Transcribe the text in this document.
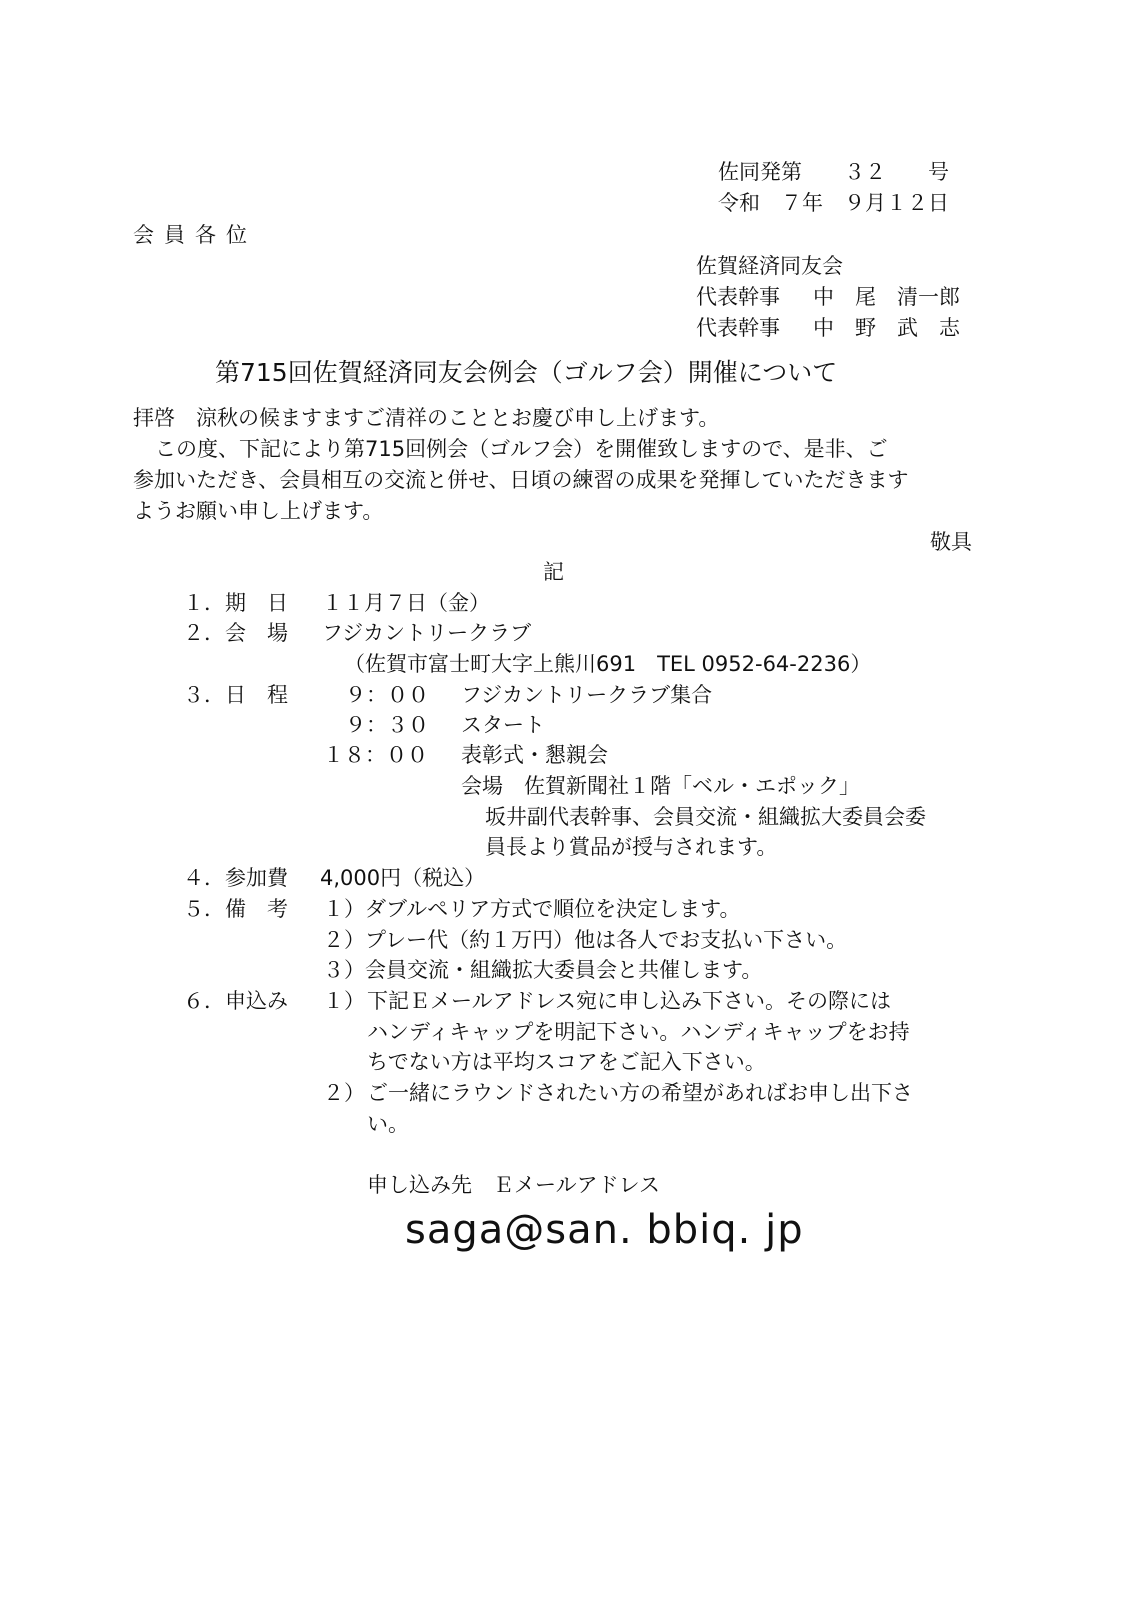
佐同発第　　３２　　号
令和　７年　９月１２日
会員各位
佐賀経済同友会
代表幹事 中　尾　清一郎
代表幹事 中　野　武　志
第715回佐賀経済同友会例会（ゴルフ会）開催について
拝啓　涼秋の候ますますご清祥のこととお慶び申し上げます。
この度、下記により第715回例会（ゴルフ会）を開催致しますので、是非、ご
参加いただき、会員相互の交流と併せ、日頃の練習の成果を発揮していただきます
ようお願い申し上げます。
敬具
記
１．期　日 １１月７日（金）
２．会　場 フジカントリークラブ
（佐賀市富士町大字上熊川691　TEL 0952-64-2236）
３．日　程	９：００ フジカントリークラブ集合
９：３０ スタート
１８：００ 表彰式・懇親会
会場　佐賀新聞社１階「ベル・エポック」
坂井副代表幹事、会員交流・組織拡大委員会委
員長より賞品が授与されます。
４．参加費 4,000円（税込）
５．備　考 １）ダブルペリア方式で順位を決定します。
２）プレー代（約１万円）他は各人でお支払い下さい。
３）会員交流・組織拡大委員会と共催します。
６．申込み １） 下記Ｅメールアドレス宛に申し込み下さい。その際には
ハンディキャップを明記下さい。ハンディキャップをお持
ちでない方は平均スコアをご記入下さい。
２） ご一緒にラウンドされたい方の希望があればお申し出下さ
い。
申し込み先　Ｅメールアドレス
saga@san. bbiq. jp
